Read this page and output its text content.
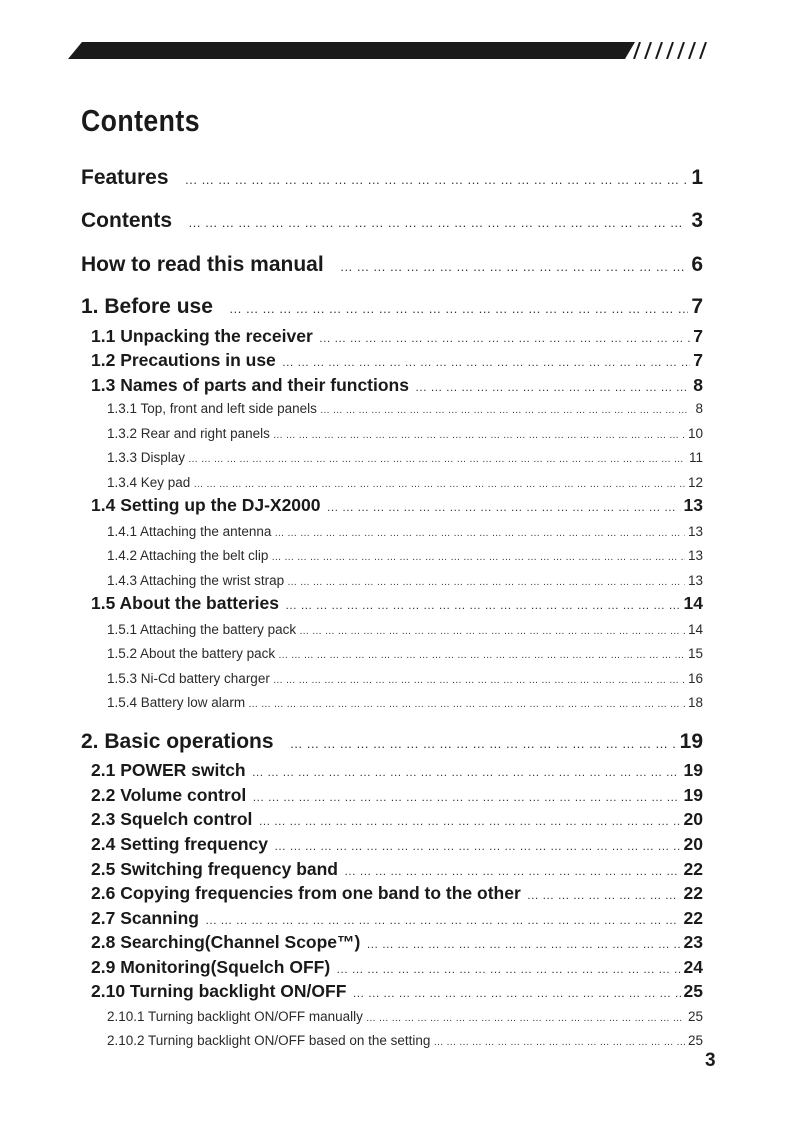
Contents
Features … … … … … … … … … … … … … … … … … … … … … … … … … … … … … … … … … … … … … … … … … … … … … … … … …	1
Contents … … … … … … … … … … … … … … … … … … … … … … … … … … … … … … … … … … … … … … … … … … … … … … … … …	3
How to read this manual … … … … … … … … … … … … … … … … … … … … … … … … … … … … … … … … … … … … … … … … … … … … … … … … …	6
1. Before use … … … … … … … … … … … … … … … … … … … … … … … … … … … … … … … … … … … … … … … … … … … … … … … … …	7
1.1 Unpacking the receiver … … … … … … … … … … … … … … … … … … … … … … … … … … … … … … … … … … … … … … … … … … … … … … … … …	7
1.2 Precautions in use … … … … … … … … … … … … … … … … … … … … … … … … … … … … … … … … … … … … … … … … … … … … … … … … …	7
1.3 Names of parts and their functions … … … … … … … … … … … … … … … … … … … … … … … … … … … … … … … … … … … … … … … … … … … … … … … … …	8
1.3.1 Top, front and left side panels … … … … … … … … … … … … … … … … … … … … … … … … … … … … … … … … … … … … … … … … … … … … … … … … …	8
1.3.2 Rear and right panels … … … … … … … … … … … … … … … … … … … … … … … … … … … … … … … … … … … … … … … … … … … … … … … … …	10
1.3.3 Display … … … … … … … … … … … … … … … … … … … … … … … … … … … … … … … … … … … … … … … … … … … … … … … … …	11
1.3.4 Key pad … … … … … … … … … … … … … … … … … … … … … … … … … … … … … … … … … … … … … … … … … … … … … … … … …	12
1.4 Setting up the DJ-X2000 … … … … … … … … … … … … … … … … … … … … … … … … … … … … … … … … … … … … … … … … … … … … … … … … …	13
1.4.1 Attaching the antenna … … … … … … … … … … … … … … … … … … … … … … … … … … … … … … … … … … … … … … … … … … … … … … … … …	13
1.4.2 Attaching the belt clip … … … … … … … … … … … … … … … … … … … … … … … … … … … … … … … … … … … … … … … … … … … … … … … … …	13
1.4.3 Attaching the wrist strap … … … … … … … … … … … … … … … … … … … … … … … … … … … … … … … … … … … … … … … … … … … … … … … … …	13
1.5 About the batteries … … … … … … … … … … … … … … … … … … … … … … … … … … … … … … … … … … … … … … … … … … … … … … … … …	14
1.5.1 Attaching the battery pack … … … … … … … … … … … … … … … … … … … … … … … … … … … … … … … … … … … … … … … … … … … … … … … … …	14
1.5.2 About the battery pack … … … … … … … … … … … … … … … … … … … … … … … … … … … … … … … … … … … … … … … … … … … … … … … … …	15
1.5.3 Ni-Cd battery charger … … … … … … … … … … … … … … … … … … … … … … … … … … … … … … … … … … … … … … … … … … … … … … … … …	16
1.5.4 Battery low alarm … … … … … … … … … … … … … … … … … … … … … … … … … … … … … … … … … … … … … … … … … … … … … … … … …	18
2. Basic operations … … … … … … … … … … … … … … … … … … … … … … … … … … … … … … … … … … … … … … … … … … … … … … … … …	19
2.1 POWER switch … … … … … … … … … … … … … … … … … … … … … … … … … … … … … … … … … … … … … … … … … … … … … … … … …	19
2.2 Volume control … … … … … … … … … … … … … … … … … … … … … … … … … … … … … … … … … … … … … … … … … … … … … … … … …	19
2.3 Squelch control … … … … … … … … … … … … … … … … … … … … … … … … … … … … … … … … … … … … … … … … … … … … … … … … …	20
2.4 Setting frequency … … … … … … … … … … … … … … … … … … … … … … … … … … … … … … … … … … … … … … … … … … … … … … … … …	20
2.5 Switching frequency band … … … … … … … … … … … … … … … … … … … … … … … … … … … … … … … … … … … … … … … … … … … … … … … … …	22
2.6 Copying frequencies from one band to the other … … … … … … … … … … … … … … … … … … … … … … … … … … … … … … … … … … … … … … … … … … … … … … … … …	22
2.7 Scanning … … … … … … … … … … … … … … … … … … … … … … … … … … … … … … … … … … … … … … … … … … … … … … … … …	22
2.8 Searching(Channel Scope™) … … … … … … … … … … … … … … … … … … … … … … … … … … … … … … … … … … … … … … … … … … … … … … … … …	23
2.9 Monitoring(Squelch OFF) … … … … … … … … … … … … … … … … … … … … … … … … … … … … … … … … … … … … … … … … … … … … … … … … …	24
2.10 Turning backlight ON/OFF … … … … … … … … … … … … … … … … … … … … … … … … … … … … … … … … … … … … … … … … … … … … … … … … …	25
2.10.1 Turning backlight ON/OFF manually … … … … … … … … … … … … … … … … … … … … … … … … … … … … … … … … … … … … … … … … … … … … … … … … …	25
2.10.2 Turning backlight ON/OFF based on the setting … … … … … … … … … … … … … … … … … … … … … … … … … … … … … … … … … … … … … … … … … … … … … … … … …	25
3
